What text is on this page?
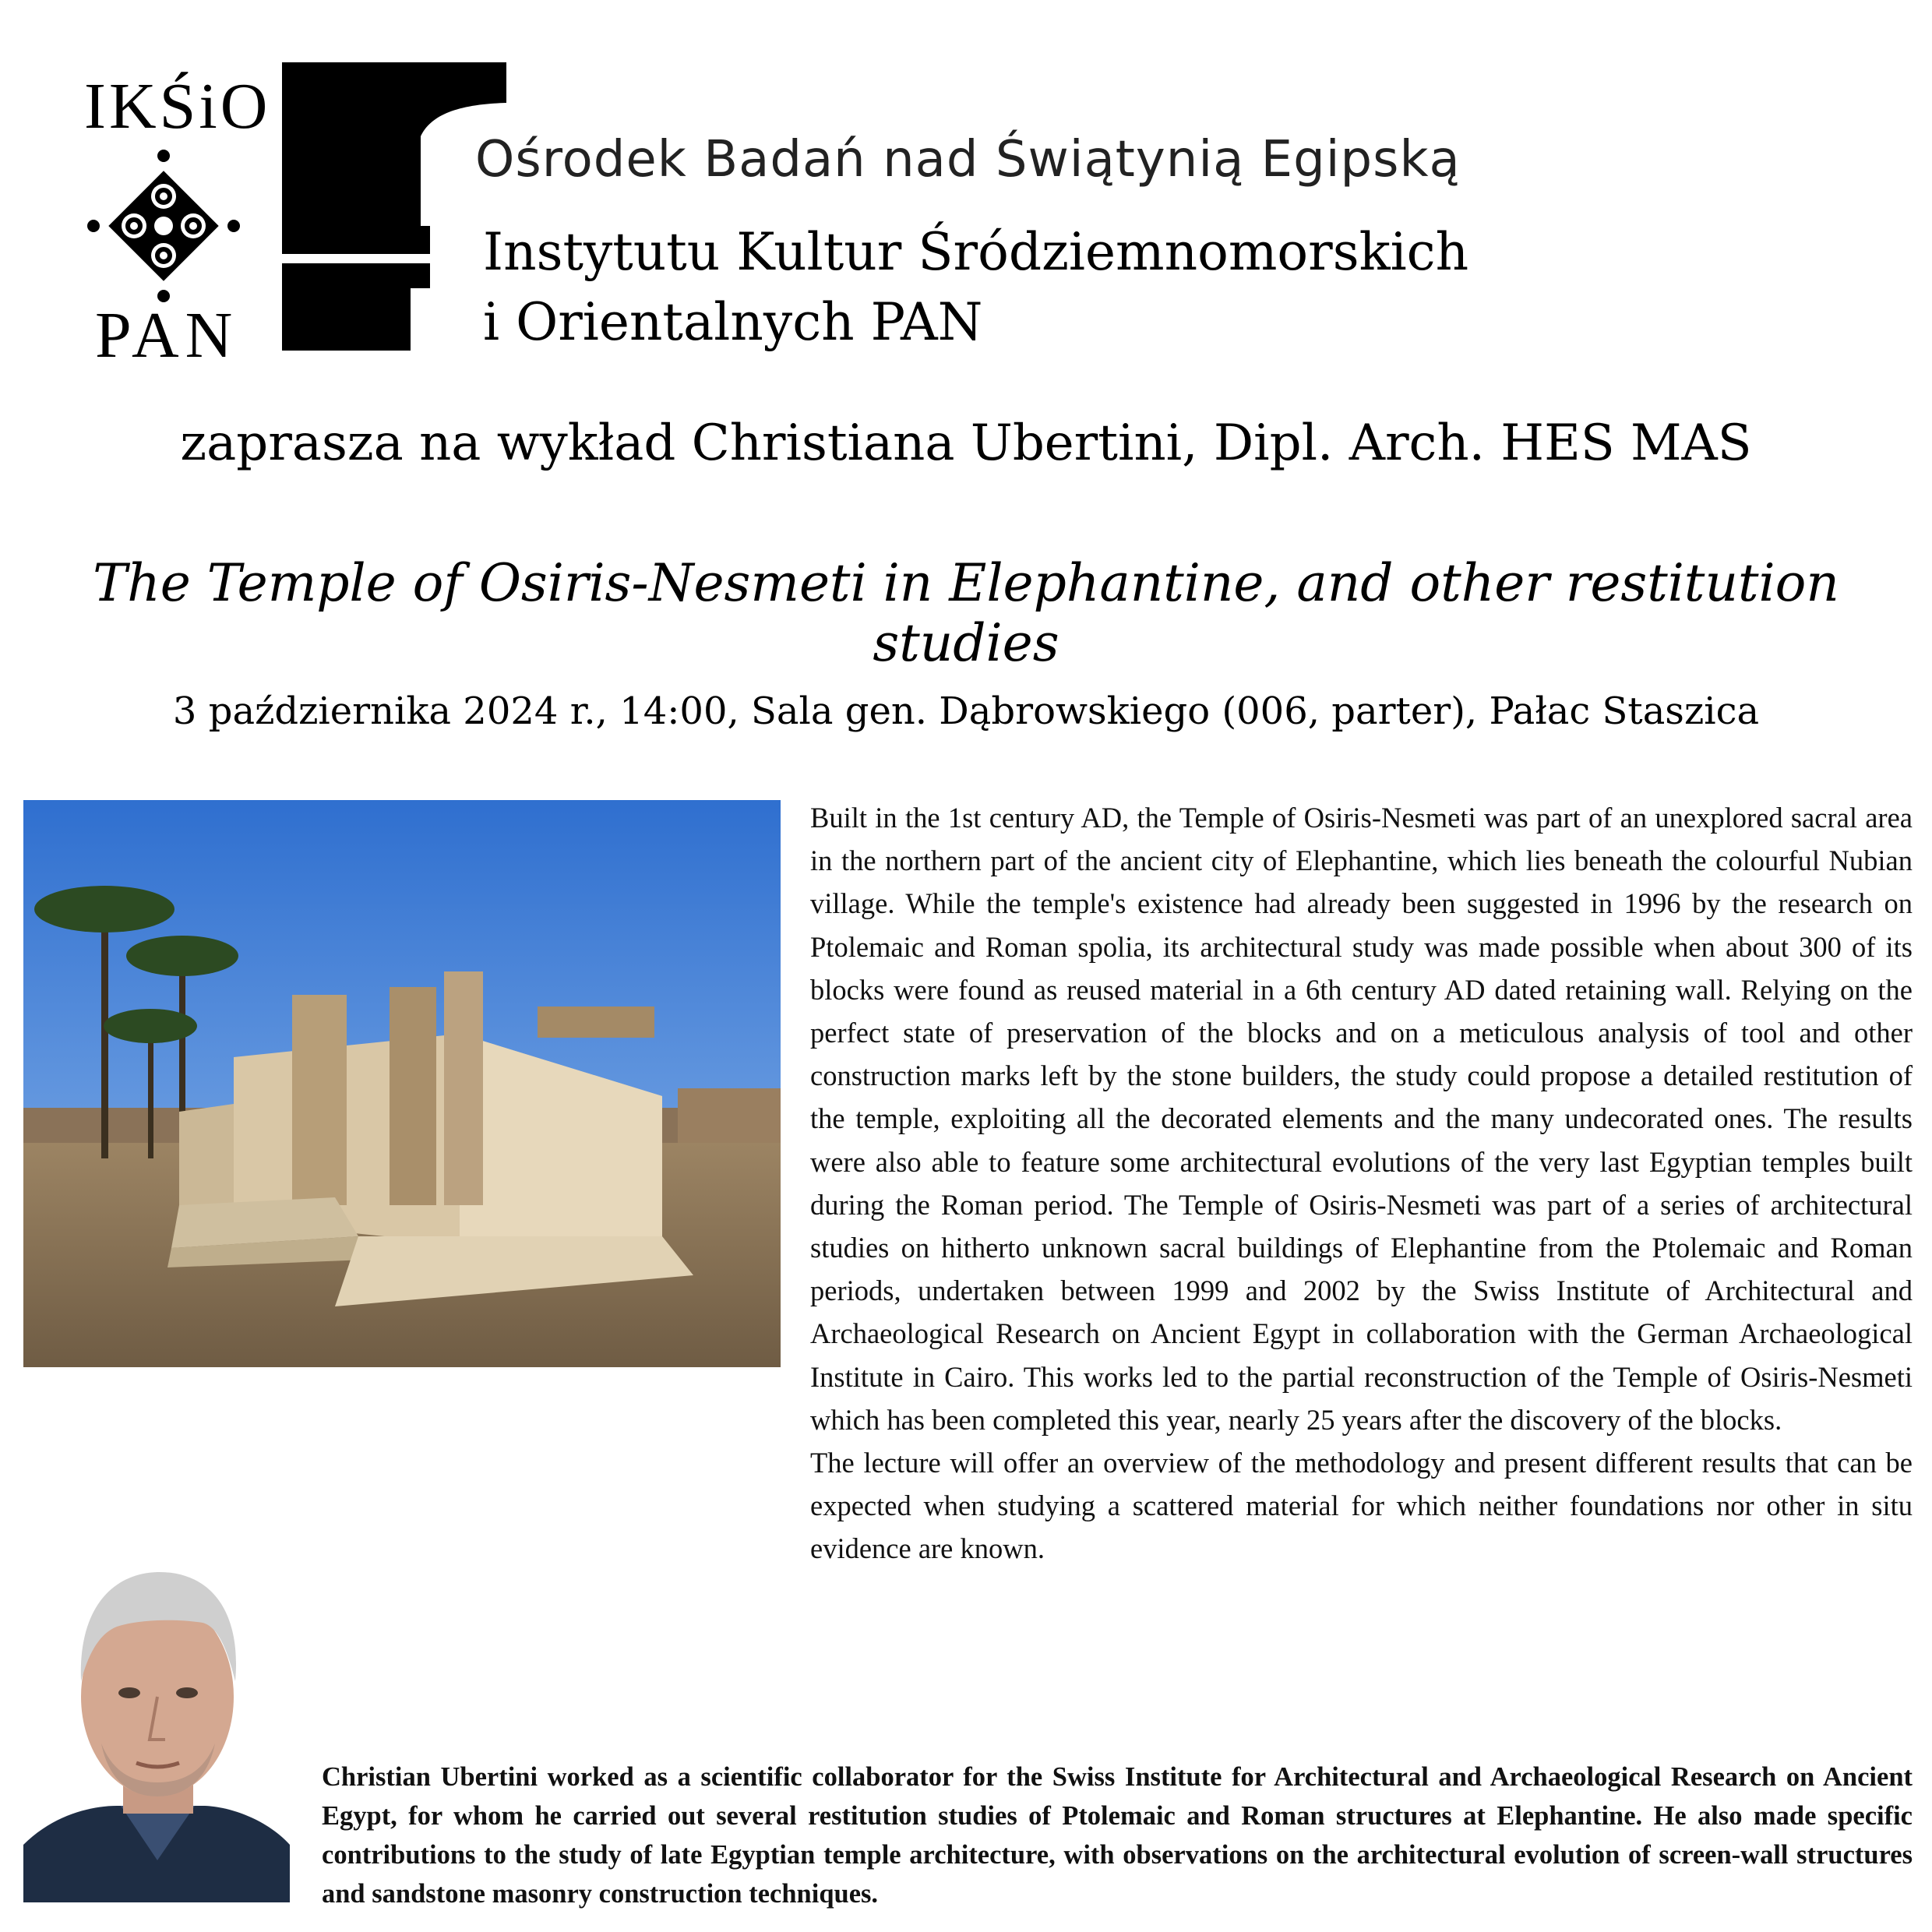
IKŚiO
PAN
Ośrodek Badań nad Świątynią Egipską
Instytutu Kultur Śródziemnomorskich
i Orientalnych PAN
zaprasza na wykład Christiana Ubertini, Dipl. Arch. HES MAS
The Temple of Osiris-Nesmeti in Elephantine, and other restitution studies
3 października 2024 r., 14:00, Sala gen. Dąbrowskiego (006, parter), Pałac Staszica

Built in the 1st century AD, the Temple of Osiris-Nesmeti was part of an unexplored sacral area in the northern part of the ancient city of Elephantine, which lies beneath the colourful Nubian village. While the temple's existence had already been suggested in 1996 by the research on Ptolemaic and Roman spolia, its architectural study was made possible when about 300 of its blocks were found as reused material in a 6th century AD dated retaining wall. Relying on the perfect state of preservation of the blocks and on a meticulous analysis of tool and other construction marks left by the stone builders, the study could propose a detailed restitution of the temple, exploiting all the decorated elements and the many undecorated ones. The results were also able to feature some architectural evolutions of the very last Egyptian temples built during the Roman period. The Temple of Osiris-Nesmeti was part of a series of architectural studies on hitherto unknown sacral buildings of Elephantine from the Ptolemaic and Roman periods, undertaken between 1999 and 2002 by the Swiss Institute of Architectural and Archaeological Research on Ancient Egypt in collaboration with the German Archaeological Institute in Cairo. This works led to the partial reconstruction of the Temple of Osiris-Nesmeti which has been completed this year, nearly 25 years after the discovery of the blocks.

The lecture will offer an overview of the methodology and present different results that can be expected when studying a scattered material for which neither foundations nor other in situ evidence are known.

Christian Ubertini worked as a scientific collaborator for the Swiss Institute for Architectural and Archaeological Research on Ancient Egypt, for whom he carried out several restitution studies of Ptolemaic and Roman structures at Elephantine. He also made specific contributions to the study of late Egyptian temple architecture, with observations on the architectural evolution of screen-wall structures and sandstone masonry construction techniques.
